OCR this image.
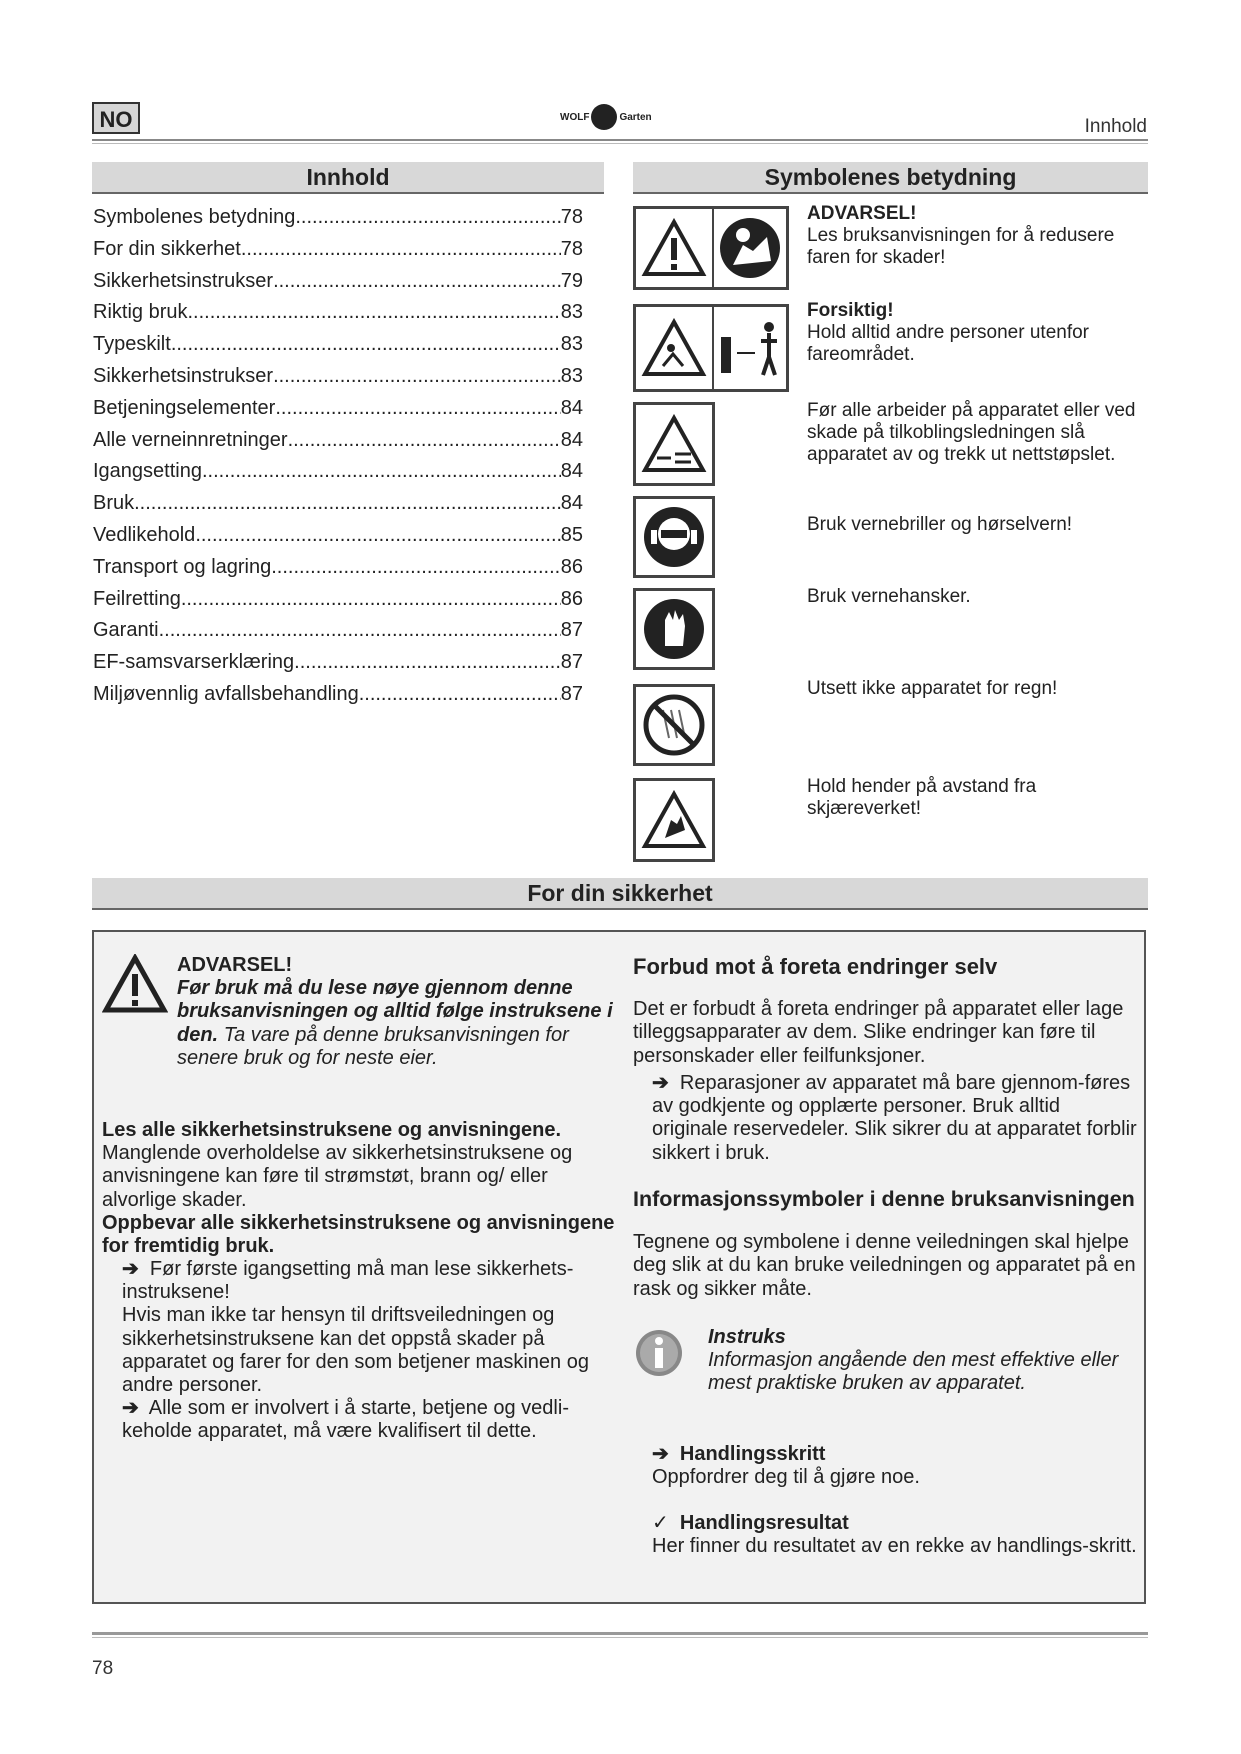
NO	WOLF	Garten	Innhold
Innhold
Symbolenes betydning .....	78
For din sikkerhet .....	78
Sikkerhetsinstrukser .....	79
Riktig bruk .....	83
Typeskilt .....	83
Sikkerhetsinstrukser .....	83
Betjeningselementer .....	84
Alle verneinnretninger .....	84
Igangsetting .....	84
Bruk .....	84
Vedlikehold .....	85
Transport og lagring .....	86
Feilretting .....	86
Garanti .....	87
EF-samsvarserklæring .....	87
Miljøvennlig avfallsbehandling .....	87
Symbolenes betydning
ADVARSEL!
Les bruksanvisningen for å redusere faren for skader!
Forsiktig!
Hold alltid andre personer utenfor fareområdet.
Før alle arbeider på apparatet eller ved skade på tilkoblingsledningen slå apparatet av og trekk ut nettstøpslet.
Bruk vernebriller og hørselvern!
Bruk vernehansker.
Utsett ikke apparatet for regn!
Hold hender på avstand fra skjæreverket!
For din sikkerhet
ADVARSEL!
Før bruk må du lese nøye gjennom denne bruksanvisningen og alltid følge instruksene i den. Ta vare på denne bruksanvisningen for senere bruk og for neste eier.
Les alle sikkerhetsinstruksene og anvisningene.
Manglende overholdelse av sikkerhetsinstruksene og anvisningene kan føre til strømstøt, brann og/ eller alvorlige skader.
Oppbevar alle sikkerhetsinstruksene og anvisningene for fremtidig bruk.
➔ Før første igangsetting må man lese sikkerhets-instruksene!
Hvis man ikke tar hensyn til driftsveiledningen og sikkerhetsinstruksene kan det oppstå skader på apparatet og farer for den som betjener maskinen og andre personer.
➔ Alle som er involvert i å starte, betjene og vedli-keholde apparatet, må være kvalifisert til dette.
Forbud mot å foreta endringer selv
Det er forbudt å foreta endringer på apparatet eller lage tilleggsapparater av dem. Slike endringer kan føre til personskader eller feilfunksjoner.
➔ Reparasjoner av apparatet må bare gjennom-føres av godkjente og opplærte personer. Bruk alltid originale reservedeler. Slik sikrer du at apparatet forblir sikkert i bruk.
Informasjonssymboler i denne bruksanvisningen
Tegnene og symbolene i denne veiledningen skal hjelpe deg slik at du kan bruke veiledningen og apparatet på en rask og sikker måte.
Instruks
Informasjon angående den mest effektive eller mest praktiske bruken av apparatet.
➔ Handlingsskritt
Oppfordrer deg til å gjøre noe.
✓ Handlingsresultat
Her finner du resultatet av en rekke av handlings-skritt.
78
